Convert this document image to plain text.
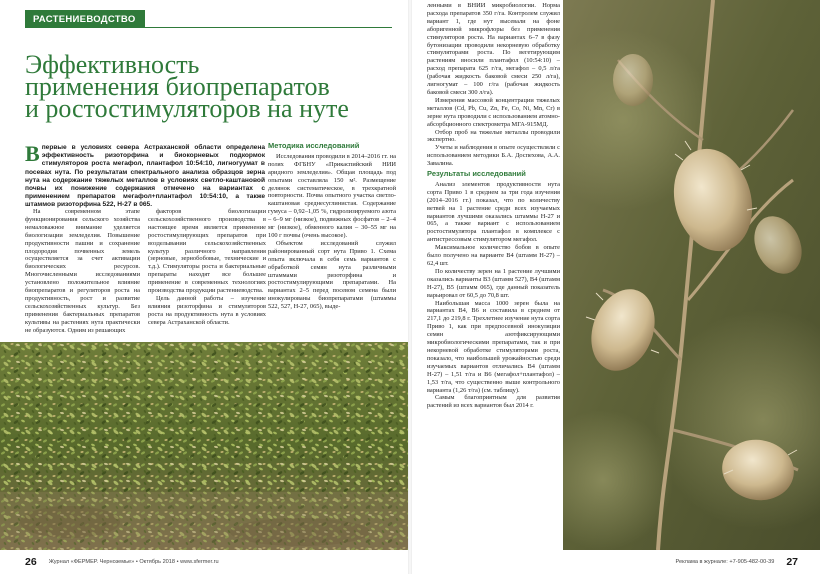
РАСТЕНИЕВОДСТВО
Эффективность
применения биопрепаратов
и ростостимуляторов на нуте

Впервые в условиях севера Астраханской области определена эффективность ризоторфина и биокорневых подкормок стимуляторов роста мегафол, плантафол 10:54:10, лигногуумат в посевах нута. По результатам спектрального анализа образцов зерна нута на содержание тяжелых металлов в условиях светло-каштановой почвы их понижение содержания отмечено на вариантах с применением препаратов мегафол+плантафол 10:54:10, а также штаммов ризоторфина 522, Н-27 в 065.

На современном этапе функционирования сельского хозяйства немаловажное внимание уделяется биологизации земледелия. Повышение продуктивности пашни и сохранение плодородия почвенных земель осуществляется за счет активации биологических ресурсов. Многочисленными исследованиями установлено положительное влияние биопрепаратов и регуляторов роста на продуктивность, рост и развитие сельскохозяйственных культур. Без применения бактериальных препаратов культивы на растениях нута практически не образуются. Одним из решающих

факторов биологизации сельскохозяйственного производства в настоящее время является применение ростостимулирующих препаратов при возделывании сельскохозяйственных культур различного направления (зерновые, зернобобовые, технические и т.д.). Стимуляторы роста и бактериальные препараты находят все большее применение в современных технологиях производства продукции растениеводства.

Цель данной работы – изучение влияния ризоторфина и стимуляторов роста на продуктивность нута в условиях севера Астраханской области.

Методика исследований

Исследования проводили в 2014–2016 гг. на полях ФГБНУ «Прикаспийский НИИ аридного земледелия». Общая площадь под опытами составляла 150 м². Размещение делянок систематическое, в трехкратной повторности. Почва опытного участка светло-каштановая среднесуглинистая. Содержание гумуса – 0,92–1,05 %, гидролизируемого азота – 6–9 мг (низкое), подвижных фосфатов – 2–4 мг (низкое), обменного калия – 30–55 мг на 100 г почвы (очень высокое).

Объектом исследований служил районированный сорт нута Приво 1. Схема опыта включала в себя семь вариантов с обработкой семян нута различными штаммами ризоторфина и ростостимулирующими препаратами. На вариантах 2–5 перед посевом семена были инокулированы биопрепаратами (штаммы 522, 527, Н-27, 065), выде-

ленными в ВНИИ микробиологии. Норма расхода препаратов 350 г/га. Контролем служил вариант 1, где нут высевали на фоне аборигенной микрофлоры без применения стимуляторов роста. На вариантах 6–7 в фазу бутонизации проводили некорневую обработку стимуляторами роста. По вегетирующим растениям вносили плантафол (10:54:10) – расход препарата 625 г/га, мегафол – 0,5 л/га (рабочая жидкость баковой смеси 250 л/га), лигногумат – 100 г/га (рабочая жидкость баковой смеси 300 л/га).

Измерения массовой концентрации тяжелых металлов (Cd, Pb, Cu, Zn, Fe, Co, Ni, Mn, Cr) в зерне нута проводили с использованием атомно-абсорбционного спектрометра МГА-915МД.

Отбор проб на тяжелые металлы проводили экспертно.

Учеты и наблюдения в опыте осуществляли с использованием методики Б.А. Доспехова, А.А. Завалина.

Результаты исследований

Анализ элементов продуктивности нута сорта Приво 1 в среднем за три года изучения (2014–2016 гг.) показал, что по количеству ветвей на 1 растение среди всех изучаемых вариантов лучшими оказались штаммы Н-27 и 065, а также вариант с использованием ростостимулятора плантафол в комплексе с антистрессовым стимулятором мегафол.

Максимальное количество бобов в опыте было получено на варианте В4 (штамм Н-27) – 62,4 шт.

По количеству зерен на 1 растение лучшими оказались варианты В3 (штамм 527), В4 (штамм Н-27), В5 (штамм 065), где данный показатель варьировал от 60,5 до 70,8 шт.

Наибольшая масса 1000 зерен была на вариантах В4, В6 и составила в среднем от 217,1 до 219,8 г. Трехлетнее изучение нута сорта Приво 1, как при предпосевной инокуляции семян азотфиксирующими микробиологическими препаратами, так и при некорневой обработке стимуляторами роста, показало, что наибольшей урожайностью среди изучаемых вариантов отличались В4 (штамм Н-27) – 1,51 т/га и В6 (мегафол+плантафол) – 1,53 т/га, что существенно выше контрольного варианта (1,26 т/га) (см. таблицу).

Самым благоприятным для развития растений из всех вариантов был 2014 г.

26 Журнал «ФЕРМЕР. Черноземье» • Октябрь 2018 • www.sfermer.ru	Реклама в журнале: +7-905-482-00-39 27
